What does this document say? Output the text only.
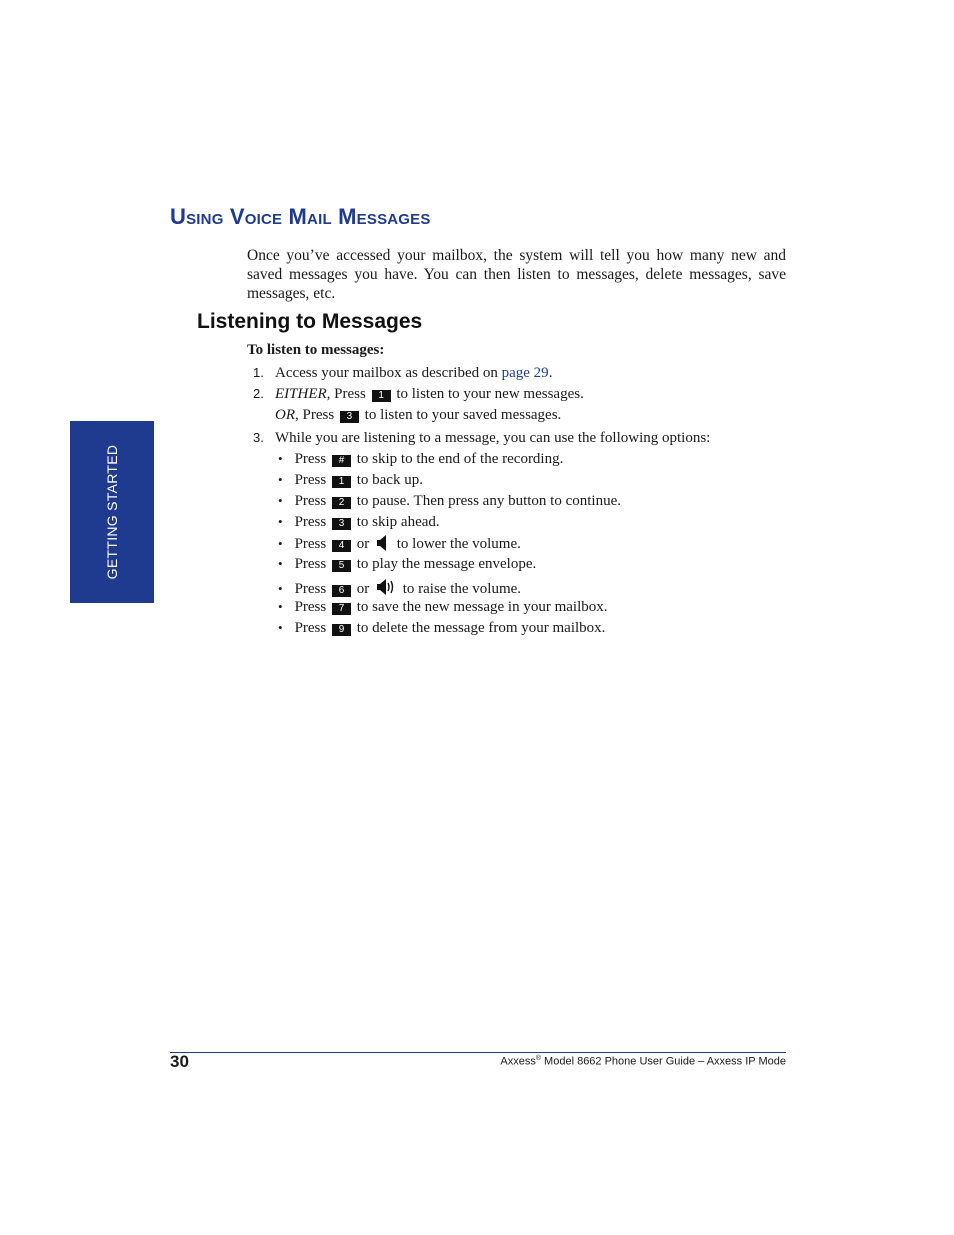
Using Voice Mail Messages

Once you’ve accessed your mailbox, the system will tell you how many new and saved messages you have. You can then listen to messages, delete messages, save messages, etc.

Listening to Messages

To listen to messages:

1. Access your mailbox as described on page 29.
2. EITHER, Press 1 to listen to your new messages.
OR, Press 3 to listen to your saved messages.
3. While you are listening to a message, you can use the following options:
• Press # to skip to the end of the recording.
• Press 1 to back up.
• Press 2 to pause. Then press any button to continue.
• Press 3 to skip ahead.
• Press 4 or  to lower the volume.
• Press 5 to play the message envelope.
• Press 6 or  to raise the volume.
• Press 7 to save the new message in your mailbox.
• Press 9 to delete the message from your mailbox.
GETTING STARTED
30	Axxess® Model 8662 Phone User Guide – Axxess IP Mode
